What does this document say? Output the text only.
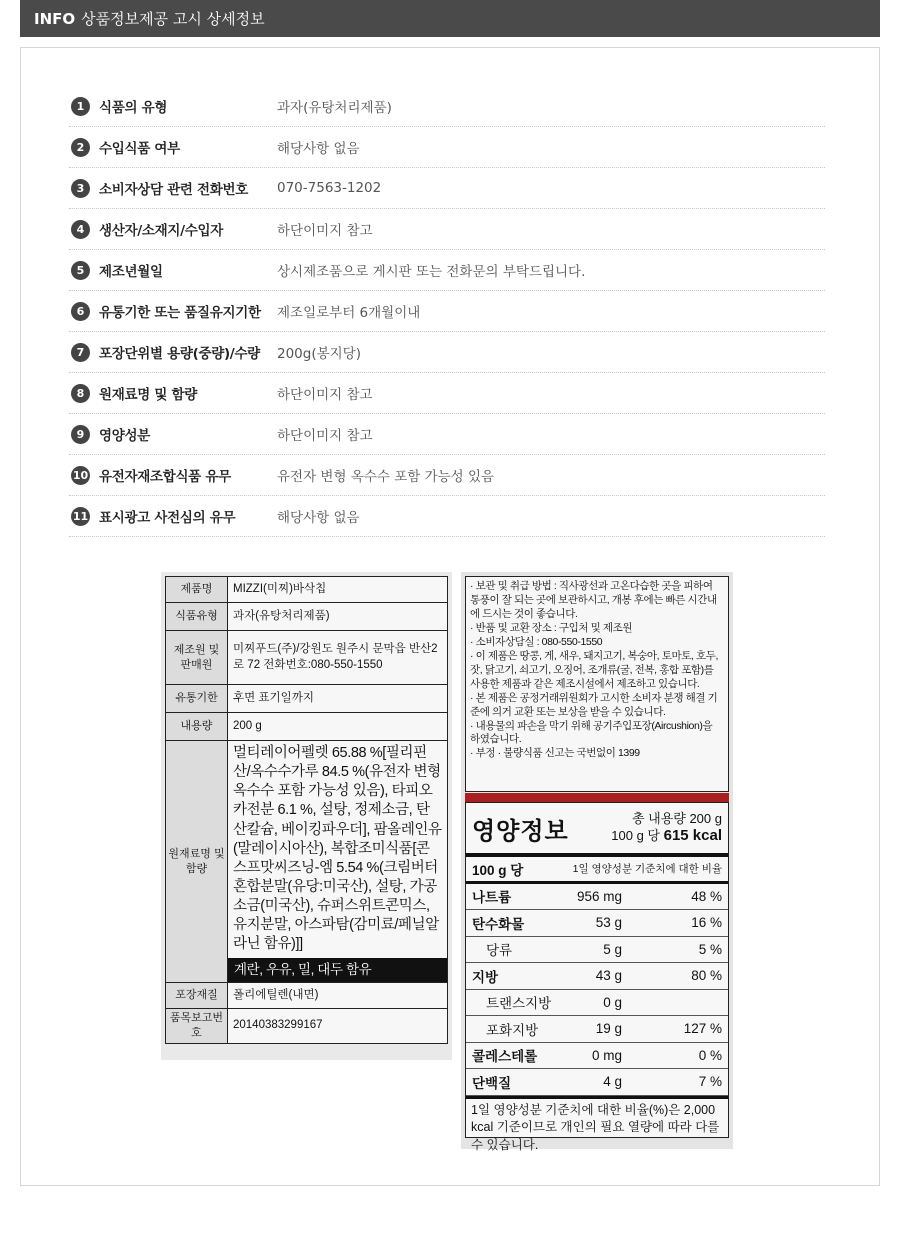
INFO 상품정보제공 고시 상세정보
1	식품의 유형	과자(유탕처리제품)
2	수입식품 여부	해당사항 없음
3	소비자상담 관련 전화번호	070-7563-1202
4	생산자/소재지/수입자	하단이미지 참고
5	제조년월일	상시제조품으로 게시판 또는 전화문의 부탁드립니다.
6	유통기한 또는 품질유지기한	제조일로부터 6개월이내
7	포장단위별 용량(중량)/수량	200g(봉지당)
8	원재료명 및 함량	하단이미지 참고
9	영양성분	하단이미지 참고
10 유전자재조합식품 유무	유전자 변형 옥수수 포함 가능성 있음
11 표시광고 사전심의 유무	해당사항 없음
제품명	MIZZI(미찌)바삭칩
식품유형	과자(유탕처리제품)
제조원 및 판매원	미찌푸드(주)/강원도 원주시 문막읍 반산2로 72 전화번호:080-550-1550
유통기한	후면 표기일까지
내용량	200 g
원재료명 및 함량	멀티레이어펠렛 65.88 %[필리핀산/옥수수가루 84.5 %(유전자 변형 옥수수 포함 가능성 있음), 타피오카전분 6.1 %, 설탕, 정제소금, 탄산칼슘, 베이킹파우더], 팜올레인유(말레이시아산), 복합조미식품[콘스프맛씨즈닝-엠 5.54 %(크림버터혼합분말(유당:미국산), 설탕, 가공소금(미국산), 슈퍼스위트콘믹스, 유지분말, 아스파탐(감미료/페닐알라닌 함유)]]
계란, 우유, 밀, 대두 함유

포장재질	폴리에틸렌(내면)
품목보고번호	20140383299167

· 보관 및 취급 방법 : 직사광선과 고온다습한 곳을 피하여 통풍이 잘 되는 곳에 보관하시고, 개봉 후에는 빠른 시간내에 드시는 것이 좋습니다.

· 반품 및 교환 장소 : 구입처 및 제조원

· 소비자상담실 : 080-550-1550

· 이 제품은 땅콩, 게, 새우, 돼지고기, 복숭아, 토마토, 호두, 잣, 닭고기, 쇠고기, 오징어, 조개류(굴, 전복, 홍합 포함)를 사용한 제품과 같은 제조시설에서 제조하고 있습니다.

· 본 제품은 공정거래위원회가 고시한 소비자 분쟁 해결 기준에 의거 교환 또는 보상을 받을 수 있습니다.

· 내용물의 파손을 막기 위해 공기주입포장(Aircushion)을 하였습니다.

· 부정 · 불량식품 신고는 국번없이 1399

영양정보	총 내용량 200 g
100 g 당 615 kcal
100 g 당	1일 영양성분 기준치에 대한 비율
나트륨	956 mg	48 %
탄수화물	53 g	16 %
당류	5 g	5 %
지방	43 g	80 %
트랜스지방	0 g
포화지방	19 g	127 %
콜레스테롤	0 mg	0 %
단백질	4 g	7 %
1일 영양성분 기준치에 대한 비율(%)은 2,000 kcal 기준이므로 개인의 필요 열량에 따라 다를 수 있습니다.
